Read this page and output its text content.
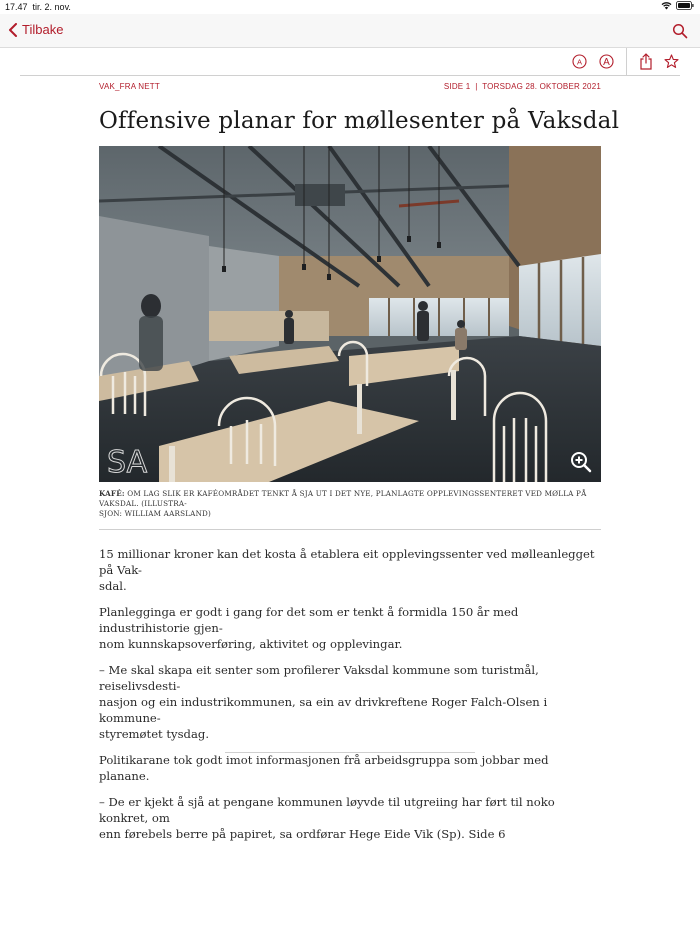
17.47 tir. 2. nov.
Tilbake
A A
VAK_FRA NETT	SIDE 1  |  TORSDAG 28. OKTOBER 2021
Offensive planar for møllesenter på Vaksdal
SA
KAFÉ: OM LAG SLIK ER KAFÉOMRÅDET TENKT Å SJA UT I DET NYE, PLANLAGTE OPPLEVINGSSENTERET VED MØLLA PÅ VAKSDAL. (ILLUSTRA-
SJON: WILLIAM AARSLAND)

15 millionar kroner kan det kosta å etablera eit opplevingssenter ved mølleanlegget på Vak-
sdal.

Planlegginga er godt i gang for det som er tenkt å formidla 150 år med industrihistorie gjen-
nom kunnskapsoverføring, aktivitet og opplevingar.

– Me skal skapa eit senter som profilerer Vaksdal kommune som turistmål, reiselivsdesti-
nasjon og ein industrikommunen, sa ein av drivkreftene Roger Falch-Olsen i kommune-
styremøtet tysdag.

Politikarane tok godt imot informasjonen frå arbeidsgruppa som jobbar med planane.

– De er kjekt å sjå at pengane kommunen løyvde til utgreiing har ført til noko konkret, om
enn førebels berre på papiret, sa ordførar Hege Eide Vik (Sp). Side 6
